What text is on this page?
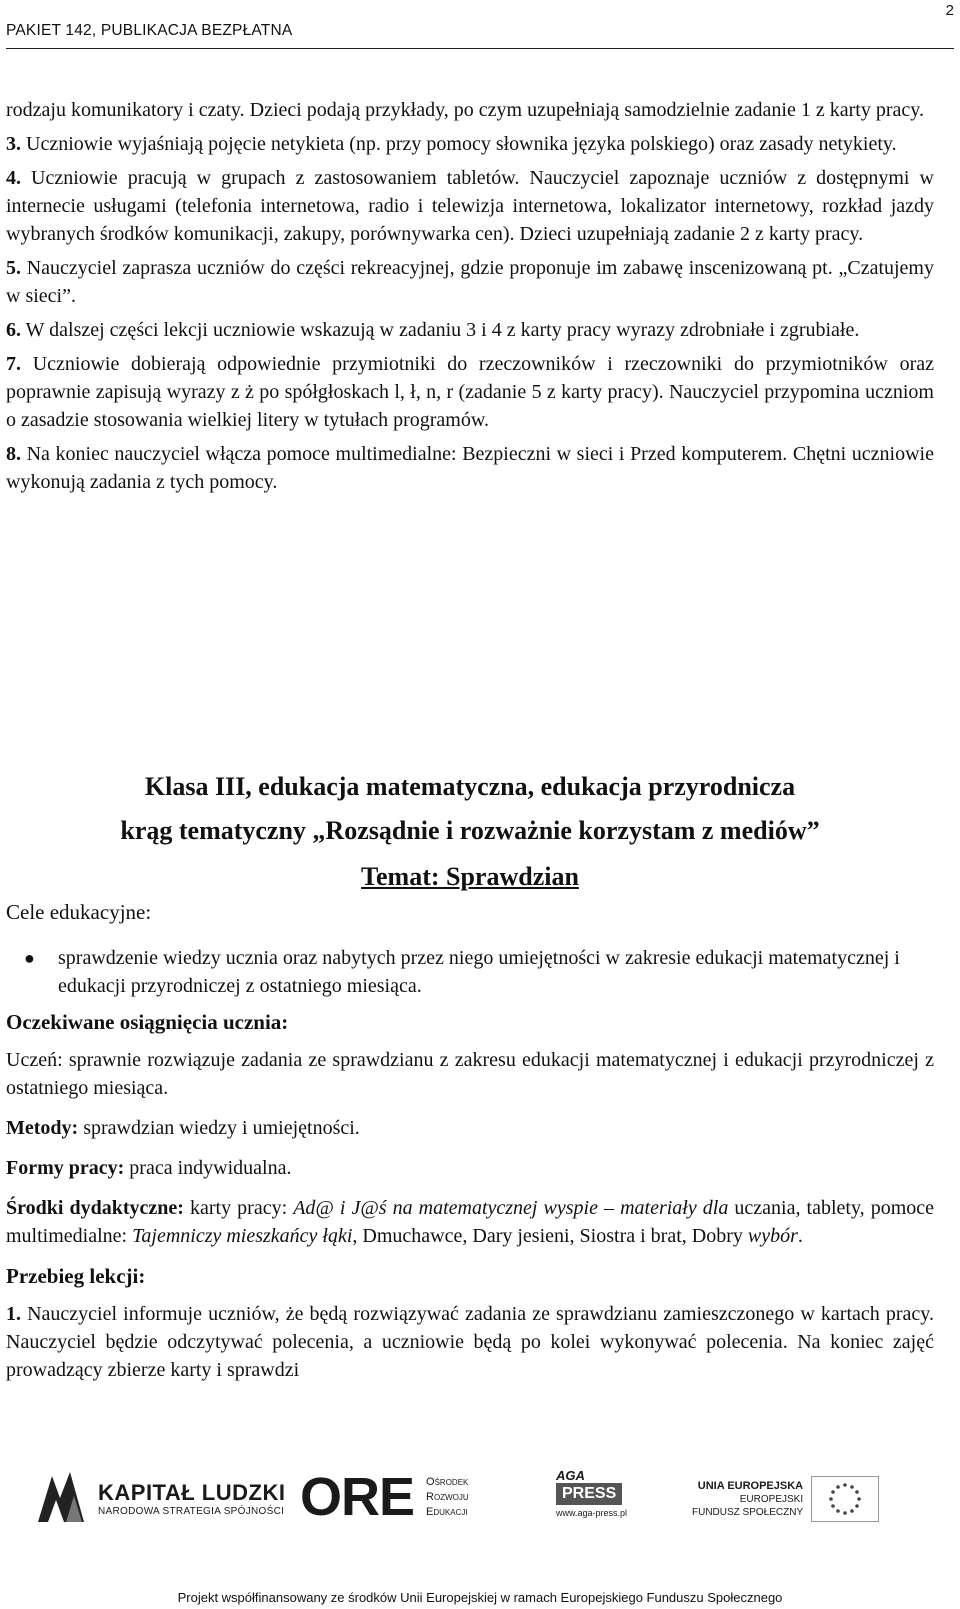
PAKIET 142, PUBLIKACJA BEZPŁATNA
2

rodzaju komunikatory i czaty. Dzieci podają przykłady, po czym uzupełniają samodzielnie zadanie 1 z karty pracy.

3. Uczniowie wyjaśniają pojęcie netykieta (np. przy pomocy słownika języka polskiego) oraz zasady netykiety.

4. Uczniowie pracują w grupach z zastosowaniem tabletów. Nauczyciel zapoznaje uczniów z dostępnymi w internecie usługami (telefonia internetowa, radio i telewizja internetowa, lokalizator internetowy, rozkład jazdy wybranych środków komunikacji, zakupy, porównywarka cen). Dzieci uzupełniają zadanie 2 z karty pracy.

5. Nauczyciel zaprasza uczniów do części rekreacyjnej, gdzie proponuje im zabawę inscenizowaną pt. „Czatujemy w sieci”.

6. W dalszej części lekcji uczniowie wskazują w zadaniu 3 i 4 z karty pracy wyrazy zdrobniałe i zgrubiałe.

7. Uczniowie dobierają odpowiednie przymiotniki do rzeczowników i rzeczowniki do przymiotników oraz poprawnie zapisują wyrazy z ż po spółgłoskach l, ł, n, r (zadanie 5 z karty pracy). Nauczyciel przypomina uczniom o zasadzie stosowania wielkiej litery w tytułach programów.

8. Na koniec nauczyciel włącza pomoce multimedialne: Bezpieczni w sieci i Przed komputerem. Chętni uczniowie wykonują zadania z tych pomocy.

Klasa III, edukacja matematyczna, edukacja przyrodnicza
krąg tematyczny „Rozsądnie i rozważnie korzystam z mediów”
Temat: Sprawdzian
Cele edukacyjne:
●	sprawdzenie wiedzy ucznia oraz nabytych przez niego umiejętności w zakresie edukacji matematycznej i edukacji przyrodniczej z ostatniego miesiąca.
Oczekiwane osiągnięcia ucznia:

Uczeń: sprawnie rozwiązuje zadania ze sprawdzianu z zakresu edukacji matematycznej i edukacji przyrodniczej z ostatniego miesiąca.

Metody: sprawdzian wiedzy i umiejętności.

Formy pracy: praca indywidualna.

Środki dydaktyczne: karty pracy: Ad@ i J@ś na matematycznej wyspie – materiały dla uczania, tablety, pomoce multimedialne: Tajemniczy mieszkańcy łąki, Dmuchawce, Dary jesieni, Siostra i brat, Dobry wybór.

Przebieg lekcji:

1. Nauczyciel informuje uczniów, że będą rozwiązywać zadania ze sprawdzianu zamieszczonego w kartach pracy. Nauczyciel będzie odczytywać polecenia, a uczniowie będą po kolei wykonywać polecenia. Na koniec zajęć prowadzący zbierze karty i sprawdzi

KAPITAŁ LUDZKI
NARODOWA STRATEGIA SPÓJNOŚCI ORE Ośrodek
Rozwoju
Edukacji
AGA
PRESS
www.aga-press.pl
UNIA EUROPEJSKA
EUROPEJSKI
FUNDUSZ SPOŁECZNY
Projekt współfinansowany ze środków Unii Europejskiej w ramach Europejskiego Funduszu Społecznego
